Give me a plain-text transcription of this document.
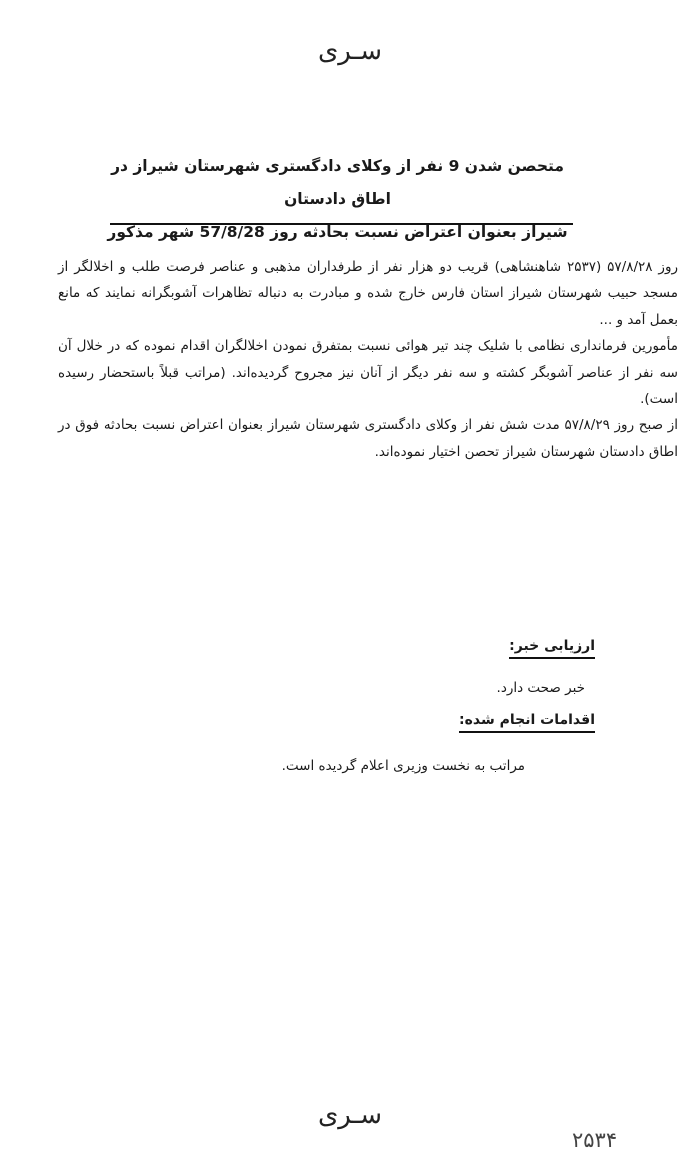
سـری
متحصن شدن 9 نفر از وکلای دادگستری شهرستان شیراز در اطاق دادستان
شیراز بعنوان اعتراض نسبت بحادثه روز 57/8/28 شهر مذکور

روز ۵۷/۸/۲۸ (۲۵۳۷ شاهنشاهی) قریب دو هزار نفر از طرفداران مذهبی و عناصر فرصت طلب و اخلالگر از مسجد حبیب شهرستان شیراز استان فارس خارج شده و مبادرت به دنباله تظاهرات آشوبگرانه نمایند که مانع بعمل آمد و ...

مأمورین فرمانداری نظامی با شلیک چند تیر هوائی نسبت بمتفرق نمودن اخلالگران اقدام نموده که در خلال آن سه نفر از عناصر آشوبگر کشته و سه نفر دیگر از آنان نیز مجروح گردیده‌اند. (مراتب قبلاً باستحضار رسیده است).

از صبح روز ۵۷/۸/۲۹ مدت شش نفر از وکلای دادگستری شهرستان شیراز بعنوان اعتراض نسبت بحادثه فوق در اطاق دادستان شهرستان شیراز تحصن اختیار نموده‌اند.

ارزیابی خبر:
خبر صحت دارد.
اقدامات انجام شده:
مراتب به نخست وزیری اعلام گردیده است.
سـری
۲۵۳۴
